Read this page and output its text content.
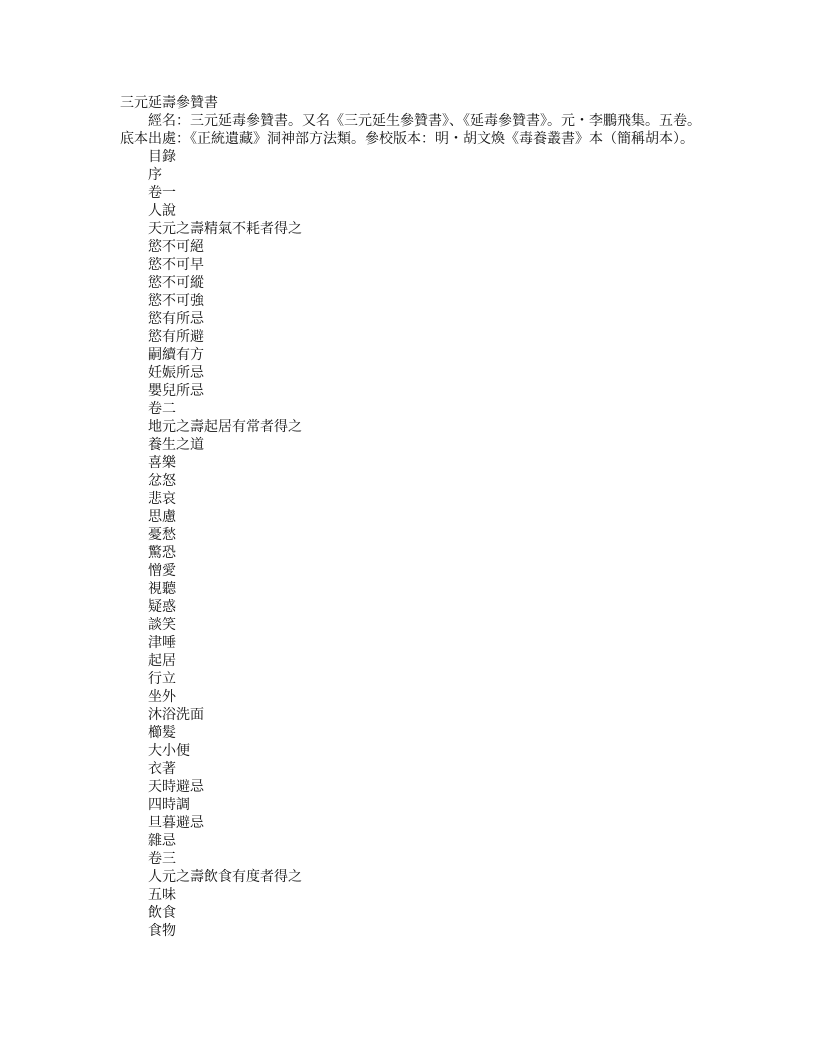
三元延壽參贊書
經名：三元延毒參贊書。又名《三元延生參贊書》、《延毒參贊書》。元・李鵬飛集。五卷。
底本出處：《正統遺藏》洞神部方法類。參校版本：明・胡文煥《毒養叢書》本（簡稱胡本）。
目錄
序
卷一
人說
天元之壽精氣不耗者得之
慾不可絕
慾不可早
慾不可縱
慾不可強
慾有所忌
慾有所避
嗣續有方
妊娠所忌
嬰兒所忌
卷二
地元之壽起居有常者得之
養生之道
喜樂
忿怒
悲哀
思慮
憂愁
驚恐
憎愛
視聽
疑惑
談笑
津唾
起居
行立
坐外
沐浴洗面
櫛髮
大小便
衣著
天時避忌
四時調
旦暮避忌
雜忌
卷三
人元之壽飲食有度者得之
五味
飲食
食物
